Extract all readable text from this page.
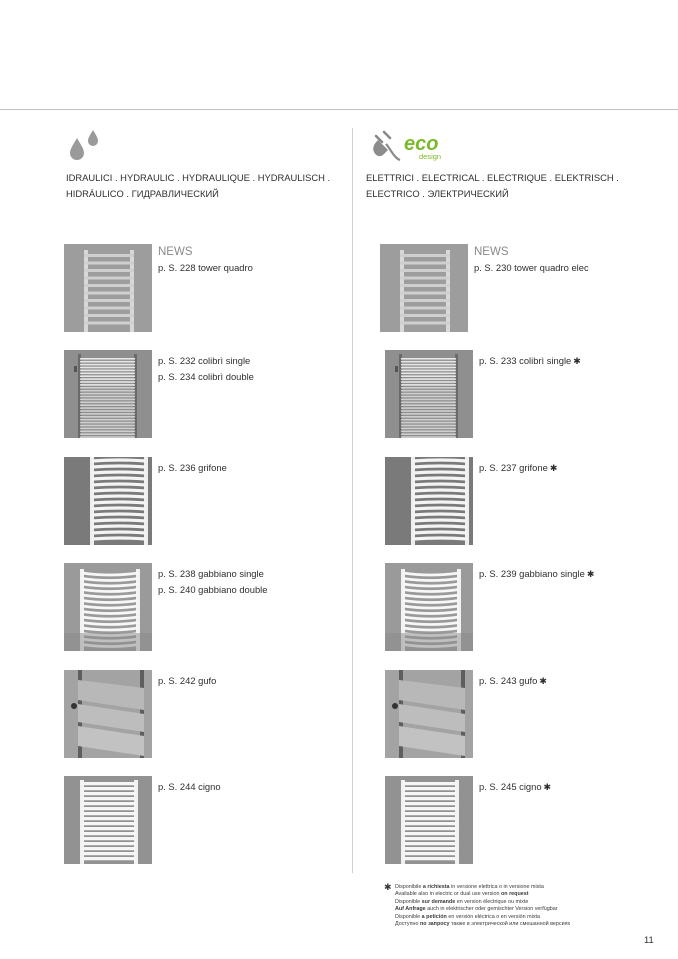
eco
design
IDRAULICI . HYDRAULIC . HYDRAULIQUE . HYDRAULISCH .
HIDRÁULICO . ГИДРАВЛИЧЕСКИЙ
ELETTRICI . ELECTRICAL . ELECTRIQUE . ELEKTRISCH .
ELECTRICO . ЭЛЕКТРИЧЕСКИЙ
NEWS
p. S. 228 tower quadro
p. S. 232 colibrì single
p. S. 234 colibrì double
p. S. 236 grifone
p. S. 238 gabbiano single
p. S. 240 gabbiano double
p. S. 242 gufo
p. S. 244 cigno
NEWS
p. S. 230 tower quadro elec
p. S. 233 colibrì single ✱
p. S. 237 grifone ✱
p. S. 239 gabbiano single ✱
p. S. 243 gufo ✱
p. S. 245 cigno ✱
✱ Disponibile a richiesta in versione elettrica o in versione mista
Available also in electric or dual use version on request
Disponible sur demande en version électrique ou mixte
Auf Anfrage auch in elektrischer oder gemischter Version verfügbar
Disponible a petición en versión eléctrica o en versión mixta
Доступно по запросу также в электрической или смешанной версиях
11
